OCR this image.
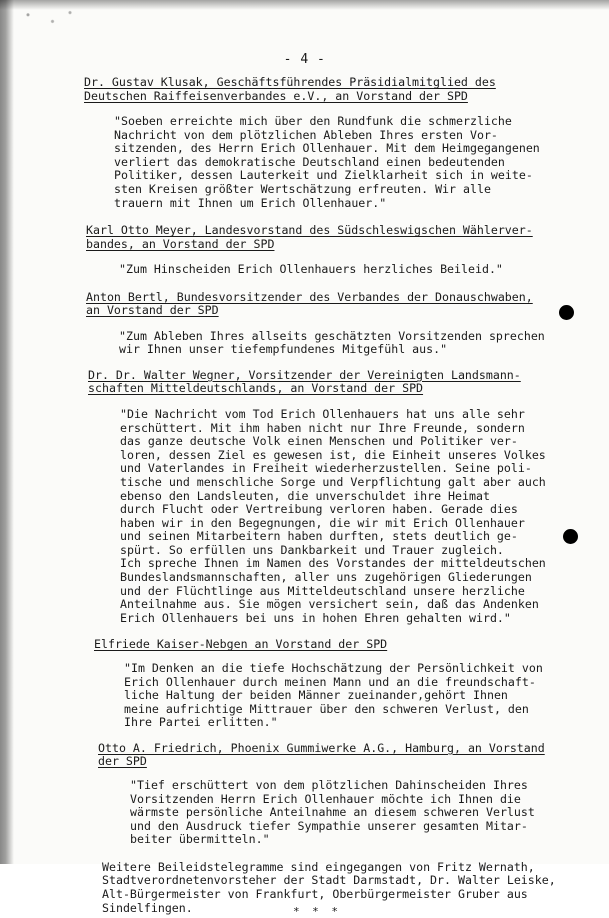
- 4 -

Dr. Gustav Klusak, Geschäftsführendes Präsidialmitglied des
Deutschen Raiffeisenverbandes e.V., an Vorstand der SPD

"Soeben erreichte mich über den Rundfunk die schmerzliche
Nachricht von dem plötzlichen Ableben Ihres ersten Vor-
sitzenden, des Herrn Erich Ollenhauer. Mit dem Heimgegangenen
verliert das demokratische Deutschland einen bedeutenden
Politiker, dessen Lauterkeit und Zielklarheit sich in weite-
sten Kreisen größter Wertschätzung erfreuten. Wir alle
trauern mit Ihnen um Erich Ollenhauer."

Karl Otto Meyer, Landesvorstand des Südschleswigschen Wählerver-
bandes, an Vorstand der SPD

"Zum Hinscheiden Erich Ollenhauers herzliches Beileid."

Anton Bertl, Bundesvorsitzender des Verbandes der Donauschwaben,
an Vorstand der SPD

"Zum Ableben Ihres allseits geschätzten Vorsitzenden sprechen
wir Ihnen unser tiefempfundenes Mitgefühl aus."

Dr. Dr. Walter Wegner, Vorsitzender der Vereinigten Landsmann-
schaften Mitteldeutschlands, an Vorstand der SPD

"Die Nachricht vom Tod Erich Ollenhauers hat uns alle sehr
erschüttert. Mit ihm haben nicht nur Ihre Freunde, sondern
das ganze deutsche Volk einen Menschen und Politiker ver-
loren, dessen Ziel es gewesen ist, die Einheit unseres Volkes
und Vaterlandes in Freiheit wiederherzustellen. Seine poli-
tische und menschliche Sorge und Verpflichtung galt aber auch
ebenso den Landsleuten, die unverschuldet ihre Heimat
durch Flucht oder Vertreibung verloren haben. Gerade dies
haben wir in den Begegnungen, die wir mit Erich Ollenhauer
und seinen Mitarbeitern haben durften, stets deutlich ge-
spürt. So erfüllen uns Dankbarkeit und Trauer zugleich.
Ich spreche Ihnen im Namen des Vorstandes der mitteldeutschen
Bundeslandsmannschaften, aller uns zugehörigen Gliederungen
und der Flüchtlinge aus Mitteldeutschland unsere herzliche
Anteilnahme aus. Sie mögen versichert sein, daß das Andenken
Erich Ollenhauers bei uns in hohen Ehren gehalten wird."

Elfriede Kaiser-Nebgen an Vorstand der SPD

"Im Denken an die tiefe Hochschätzung der Persönlichkeit von
Erich Ollenhauer durch meinen Mann und an die freundschaft-
liche Haltung der beiden Männer zueinander,gehört Ihnen
meine aufrichtige Mittrauer über den schweren Verlust, den
Ihre Partei erlitten."

Otto A. Friedrich, Phoenix Gummiwerke A.G., Hamburg, an Vorstand
der SPD

"Tief erschüttert von dem plötzlichen Dahinscheiden Ihres
Vorsitzenden Herrn Erich Ollenhauer möchte ich Ihnen die
wärmste persönliche Anteilnahme an diesem schweren Verlust
und den Ausdruck tiefer Sympathie unserer gesamten Mitar-
beiter übermitteln."

Weitere Beileidstelegramme sind eingegangen von Fritz Wernath,
Stadtverordnetenvorsteher der Stadt Darmstadt, Dr. Walter Leiske,
Alt-Bürgermeister von Frankfurt, Oberbürgermeister Gruber aus
Sindelfingen.	* * *
